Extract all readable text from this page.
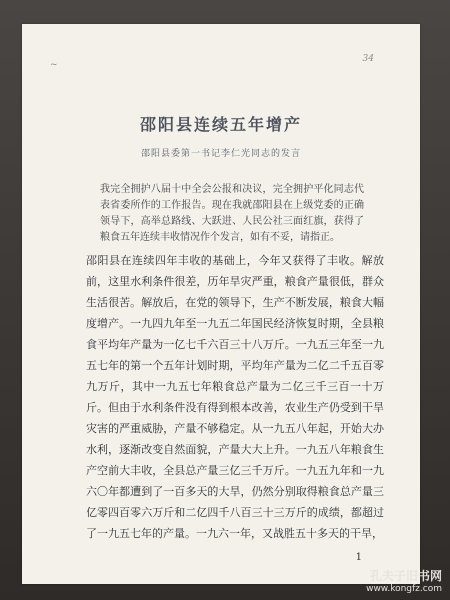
~
34
邵阳县连续五年增产
邵阳县委第一书记李仁光同志的发言
我完全拥护八届十中全会公报和决议，完全拥护平化同志代表省委所作的工作报告。现在我就邵阳县在上级党委的正确领导下，高举总路线、大跃进、人民公社三面红旗，获得了粮食五年连续丰收情况作个发言，如有不妥，请指正。
邵阳县在连续四年丰收的基础上，今年又获得了丰收。解放前，这里水利条件很差，历年旱灾严重，粮食产量很低，群众生活很苦。解放后，在党的领导下，生产不断发展，粮食大幅度增产。一九四九年至一九五二年国民经济恢复时期，全县粮食平均年产量为一亿七千六百三十八万斤。一九五三年至一九五七年的第一个五年计划时期，平均年产量为二亿二千五百零九万斤，其中一九五七年粮食总产量为二亿三千三百一十万斤。但由于水利条件没有得到根本改善，农业生产仍受到干旱灾害的严重威胁，产量不够稳定。从一九五八年起，开始大办水利，逐渐改变自然面貌，产量大大上升。一九五八年粮食生产空前大丰收，全县总产量三亿三千万斤。一九五九年和一九六〇年都遭到了一百多天的大旱，仍然分别取得粮食总产量三亿零四百零六万斤和二亿四千八百三十三万斤的成绩，都超过了一九五七年的产量。一九六一年，又战胜五十多天的干旱，
1
孔夫子旧书网
www.kongfz.com
